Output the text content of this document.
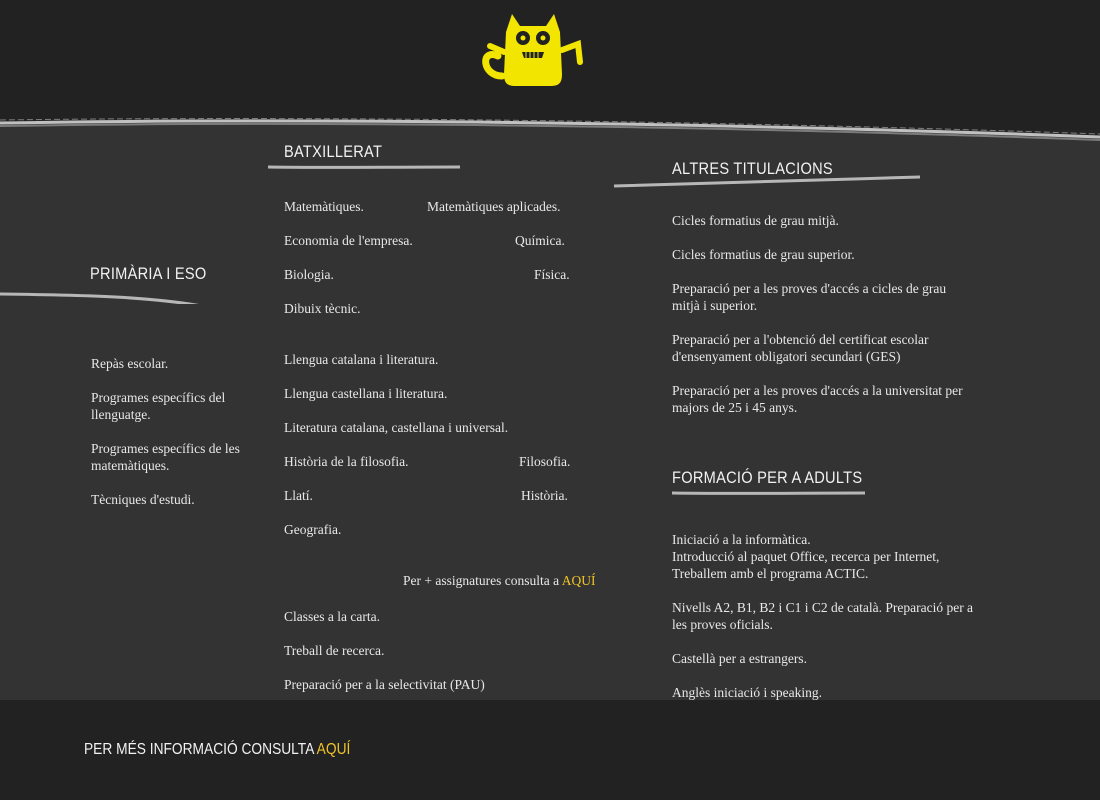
PRIMÀRIA I ESO
Repàs escolar.
Programes específics del llenguatge.
Programes específics de les matemàtiques.
Tècniques d'estudi.
BATXILLERAT
Matemàtiques.
Economia de l'empresa.
Biologia.
Dibuix tècnic.
Matemàtiques aplicades.
Química.
Física.
Llengua catalana i literatura.
Llengua castellana i literatura.
Literatura catalana, castellana i universal.
Història de la filosofia.	Filosofia.
Llatí.	Història.
Geografia.
Per + assignatures consulta a AQUÍ
Classes a la carta.
Treball de recerca.
Preparació per a la selectivitat (PAU)
ALTRES TITULACIONS
Cicles formatius de grau mitjà.
Cicles formatius de grau superior.
Preparació per a les proves d'accés a cicles de grau mitjà i superior.
Preparació per a l'obtenció del certificat escolar d'ensenyament obligatori secundari (GES)
Preparació per a les proves d'accés a la universitat per majors de 25 i 45 anys.
FORMACIÓ PER A ADULTS
Iniciació a la informàtica.
Introducció al paquet Office, recerca per Internet,
Treballem amb el programa ACTIC.
Nivells A2, B1, B2 i C1 i C2 de català. Preparació per a les proves oficials.
Castellà per a estrangers.
Anglès iniciació i speaking.
PER MÉS INFORMACIÓ CONSULTA AQUÍ
